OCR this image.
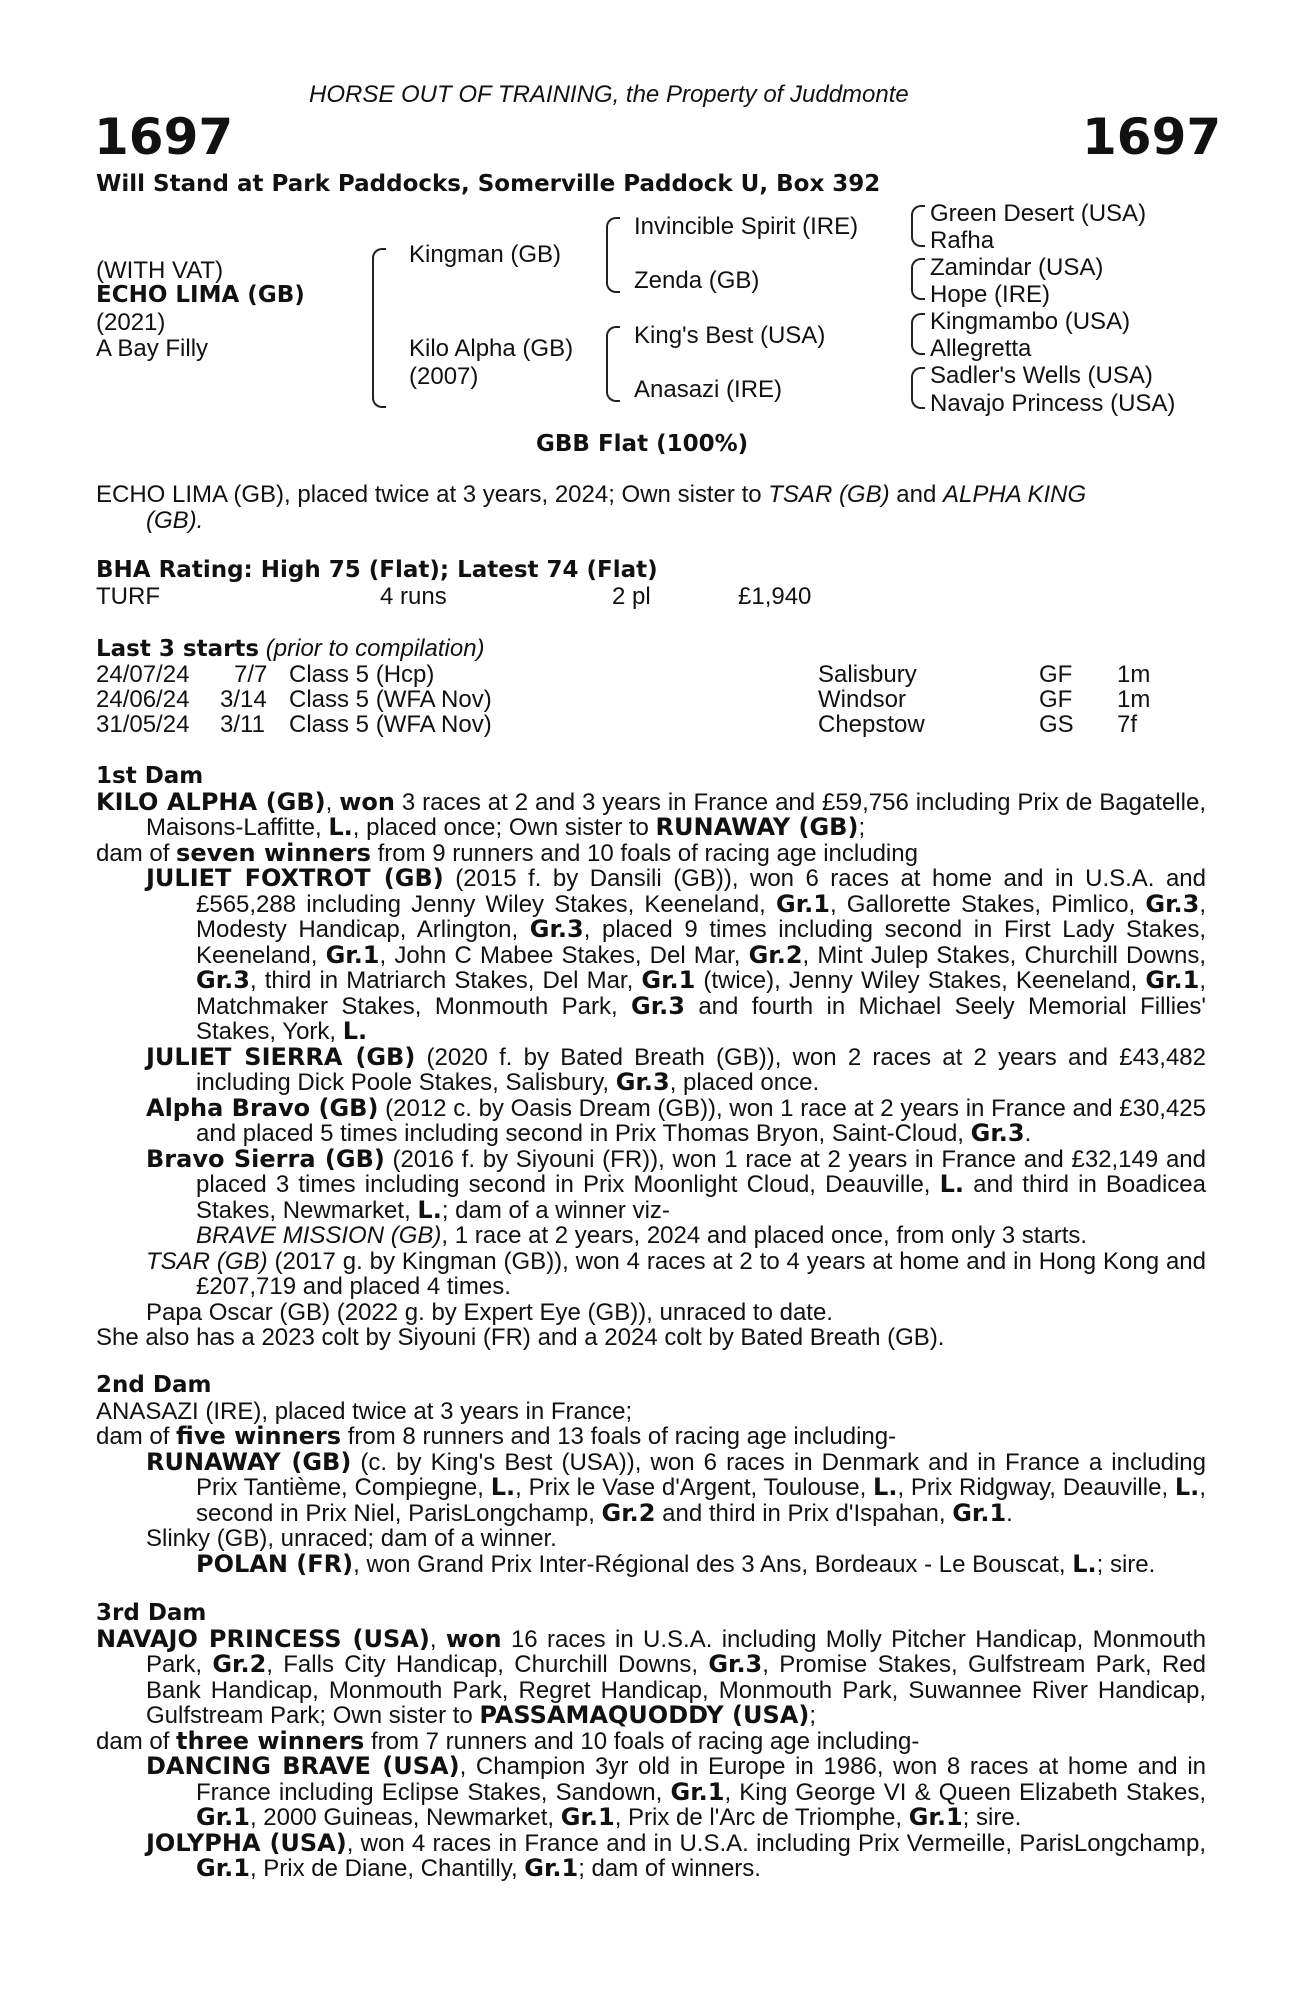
HORSE OUT OF TRAINING, the Property of Juddmonte
1697	1697
Will Stand at Park Paddocks, Somerville Paddock U, Box 392
(WITH VAT)
ECHO LIMA (GB)
(2021)
A Bay Filly
Kingman (GB)
Kilo Alpha (GB)
(2007)
Invincible Spirit (IRE)
Zenda (GB)
King's Best (USA)
Anasazi (IRE)
Green Desert (USA)
Rafha
Zamindar (USA)
Hope (IRE)
Kingmambo (USA)
Allegretta
Sadler's Wells (USA)
Navajo Princess (USA)
GBB Flat (100%)

ECHO LIMA (GB), placed twice at 3 years, 2024; Own sister to TSAR (GB) and ALPHA KING

(GB).

BHA Rating: High 75 (Flat); Latest 74 (Flat)
TURF	4 runs	2 pl	£1,940
Last 3 starts (prior to compilation)
24/07/24 7/7 Class 5 (Hcp)	Salisbury	GF 1m
24/06/24 3/14 Class 5 (WFA Nov)	Windsor	GF 1m
31/05/24 3/11 Class 5 (WFA Nov)	Chepstow	GS 7f

1st Dam

KILO ALPHA (GB), won 3 races at 2 and 3 years in France and £59,756 including Prix de Bagatelle, Maisons-Laffitte, L., placed once; Own sister to RUNAWAY (GB);

dam of seven winners from 9 runners and 10 foals of racing age including

JULIET FOXTROT (GB) (2015 f. by Dansili (GB)), won 6 races at home and in U.S.A. and £565,288 including Jenny Wiley Stakes, Keeneland, Gr.1, Gallorette Stakes, Pimlico, Gr.3, Modesty Handicap, Arlington, Gr.3, placed 9 times including second in First Lady Stakes, Keeneland, Gr.1, John C Mabee Stakes, Del Mar, Gr.2, Mint Julep Stakes, Churchill Downs, Gr.3, third in Matriarch Stakes, Del Mar, Gr.1 (twice), Jenny Wiley Stakes, Keeneland, Gr.1, Matchmaker Stakes, Monmouth Park, Gr.3 and fourth in Michael Seely Memorial Fillies' Stakes, York, L.

JULIET SIERRA (GB) (2020 f. by Bated Breath (GB)), won 2 races at 2 years and £43,482 including Dick Poole Stakes, Salisbury, Gr.3, placed once.

Alpha Bravo (GB) (2012 c. by Oasis Dream (GB)), won 1 race at 2 years in France and £30,425 and placed 5 times including second in Prix Thomas Bryon, Saint-Cloud, Gr.3.

Bravo Sierra (GB) (2016 f. by Siyouni (FR)), won 1 race at 2 years in France and £32,149 and placed 3 times including second in Prix Moonlight Cloud, Deauville, L. and third in Boadicea Stakes, Newmarket, L.; dam of a winner viz-

BRAVE MISSION (GB), 1 race at 2 years, 2024 and placed once, from only 3 starts.

TSAR (GB) (2017 g. by Kingman (GB)), won 4 races at 2 to 4 years at home and in Hong Kong and £207,719 and placed 4 times.

Papa Oscar (GB) (2022 g. by Expert Eye (GB)), unraced to date.

She also has a 2023 colt by Siyouni (FR) and a 2024 colt by Bated Breath (GB).

2nd Dam

ANASAZI (IRE), placed twice at 3 years in France;

dam of five winners from 8 runners and 13 foals of racing age including-

RUNAWAY (GB) (c. by King's Best (USA)), won 6 races in Denmark and in France a including Prix Tantième, Compiegne, L., Prix le Vase d'Argent, Toulouse, L., Prix Ridgway, Deauville, L., second in Prix Niel, ParisLongchamp, Gr.2 and third in Prix d'Ispahan, Gr.1.

Slinky (GB), unraced; dam of a winner.

POLAN (FR), won Grand Prix Inter-Régional des 3 Ans, Bordeaux - Le Bouscat, L.; sire.

3rd Dam

NAVAJO PRINCESS (USA), won 16 races in U.S.A. including Molly Pitcher Handicap, Monmouth Park, Gr.2, Falls City Handicap, Churchill Downs, Gr.3, Promise Stakes, Gulfstream Park, Red Bank Handicap, Monmouth Park, Regret Handicap, Monmouth Park, Suwannee River Handicap, Gulfstream Park; Own sister to PASSAMAQUODDY (USA);

dam of three winners from 7 runners and 10 foals of racing age including-

DANCING BRAVE (USA), Champion 3yr old in Europe in 1986, won 8 races at home and in France including Eclipse Stakes, Sandown, Gr.1, King George VI & Queen Elizabeth Stakes, Gr.1, 2000 Guineas, Newmarket, Gr.1, Prix de l'Arc de Triomphe, Gr.1; sire.

JOLYPHA (USA), won 4 races in France and in U.S.A. including Prix Vermeille, ParisLongchamp, Gr.1, Prix de Diane, Chantilly, Gr.1; dam of winners.
